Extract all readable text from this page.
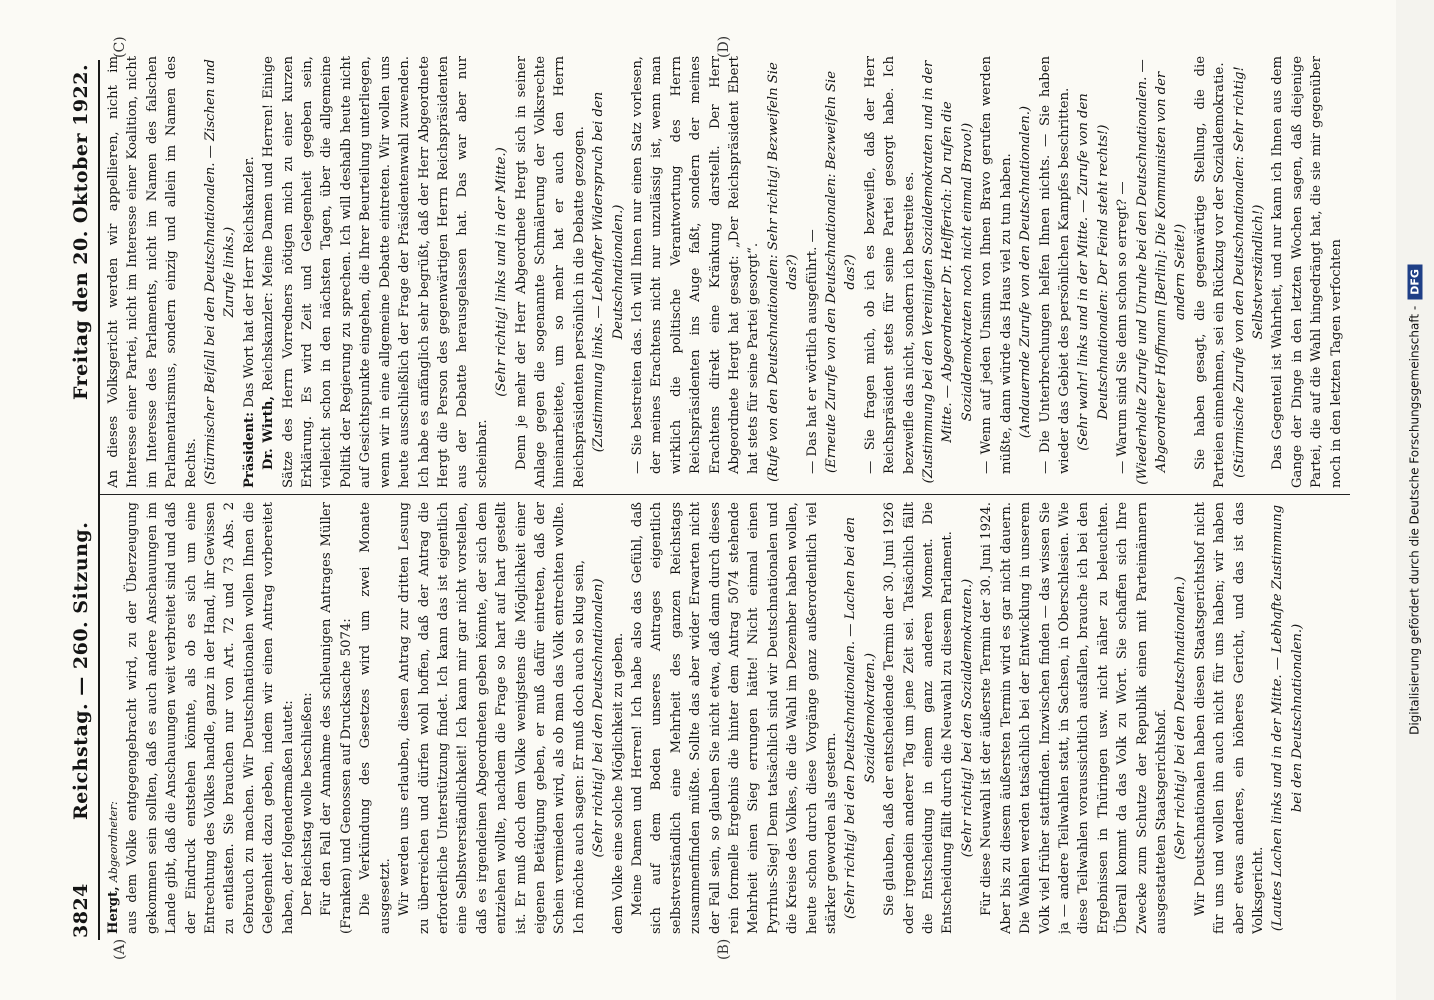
3824
Reichstag. — 260. Sitzung.
Freitag den 20. Oktober 1922.
(A)	(B)
(C)	(D)

Hergt, Abgeordneter: aus dem Volke entgegengebracht wird, zu der Überzeugung gekommen sein sollten, daß es auch andere Anschauungen im Lande gibt, daß die Anschauungen weit verbreitet sind und daß der Eindruck entstehen könnte, als ob es sich um eine Entrechtung des Volkes handle, ganz in der Hand, ihr Gewissen zu entlasten. Sie brauchen nur von Art. 72 und 73 Abs. 2 Gebrauch zu machen. Wir Deutschnationalen wollen Ihnen die Gelegenheit dazu geben, indem wir einen Antrag vorbereitet haben, der folgendermaßen lautet: Der Reichstag wolle beschließen: Für den Fall der Annahme des schleunigen Antrages Müller (Franken) und Genossen auf Drucksache 5074: Die Verkündung des Gesetzes wird um zwei Monate ausgesetzt. Wir werden uns erlauben, diesen Antrag zur dritten Lesung zu überreichen und dürfen wohl hoffen, daß der Antrag die erforderliche Unterstützung findet. Ich kann das ist eigentlich eine Selbstverständlichkeit! Ich kann mir gar nicht vorstellen, daß es irgendeinen Abgeordneten geben könnte, der sich dem entziehen wollte, nachdem die Frage so hart auf hart gestellt ist. Er muß doch dem Volke wenigstens die Möglichkeit einer eigenen Betätigung geben, er muß dafür eintreten, daß der Schein vermieden wird, als ob man das Volk entrechten wollte. Ich möchte auch sagen: Er muß doch auch so klug sein, (Sehr richtig! bei den Deutschnationalen) dem Volke eine solche Möglichkeit zu geben. Meine Damen und Herren! Ich habe also das Gefühl, daß sich auf dem Boden unseres Antrages eigentlich selbstverständlich eine Mehrheit des ganzen Reichstags zusammenfinden müßte. Sollte das aber wider Erwarten nicht der Fall sein, so glauben Sie nicht etwa, daß dann durch dieses rein formelle Ergebnis die hinter dem Antrag 5074 stehende Mehrheit einen Sieg errungen hätte! Nicht einmal einen Pyrrhus-Sieg! Denn tatsächlich sind wir Deutschnationalen und die Kreise des Volkes, die die Wahl im Dezember haben wollen, heute schon durch diese Vorgänge ganz außerordentlich viel stärker geworden als gestern. (Sehr richtig! bei den Deutschnationalen. — Lachen bei den Sozialdemokraten.) Sie glauben, daß der entscheidende Termin der 30. Juni 1926 oder irgendein anderer Tag um jene Zeit sei. Tatsächlich fällt die Entscheidung in einem ganz anderen Moment. Die Entscheidung fällt durch die Neuwahl zu diesem Parlament. (Sehr richtig! bei den Sozialdemokraten.) Für diese Neuwahl ist der äußerste Termin der 30. Juni 1924. Aber bis zu diesem äußersten Termin wird es gar nicht dauern. Die Wahlen werden tatsächlich bei der Entwicklung in unserem Volk viel früher stattfinden. Inzwischen finden — das wissen Sie ja — andere Teilwahlen statt, in Sachsen, in Oberschlesien. Wie diese Teilwahlen voraussichtlich ausfallen, brauche ich bei den Ergebnissen in Thüringen usw. nicht näher zu beleuchten. Überall kommt da das Volk zu Wort. Sie schaffen sich Ihre Zwecke zum Schutze der Republik einen mit Parteimännern ausgestatteten Staatsgerichtshof. (Sehr richtig! bei den Deutschnationalen.) Wir Deutschnationalen haben diesen Staatsgerichtshof nicht für uns und wollen ihn auch nicht für uns haben; wir haben aber etwas anderes, ein höheres Gericht, und das ist das Volksgericht. (Lautes Lachen links und in der Mitte. — Lebhafte Zustimmung bei den Deutschnationalen.)

An dieses Volksgericht werden wir appellieren, nicht im Interesse einer Partei, nicht im Interesse einer Koalition, nicht im Interesse des Parlaments, nicht im Namen des falschen Parlamentarismus, sondern einzig und allein im Namen des Rechts. (Stürmischer Beifall bei den Deutschnationalen. — Zischen und Zurufe links.)

Präsident: Das Wort hat der Herr Reichskanzler.

Dr. Wirth, Reichskanzler: Meine Damen und Herren! Einige Sätze des Herrn Vorredners nötigen mich zu einer kurzen Erklärung. Es wird Zeit und Gelegenheit gegeben sein, vielleicht schon in den nächsten Tagen, über die allgemeine Politik der Regierung zu sprechen. Ich will deshalb heute nicht auf Gesichtspunkte eingehen, die Ihrer Beurteilung unterliegen, wenn wir in eine allgemeine Debatte eintreten. Wir wollen uns heute ausschließlich der Frage der Präsidentenwahl zuwenden. Ich habe es anfänglich sehr begrüßt, daß der Herr Abgeordnete Hergt die Person des gegenwärtigen Herrn Reichspräsidenten aus der Debatte herausgelassen hat. Das war aber nur scheinbar.

(Sehr richtig! links und in der Mitte.) Denn je mehr der Herr Abgeordnete Hergt sich in seiner Anlage gegen die sogenannte Schmälerung der Volksrechte hineinarbeitete, um so mehr hat er auch den Herrn Reichspräsidenten persönlich in die Debatte gezogen. (Zustimmung links. — Lebhafter Widerspruch bei den Deutschnationalen.) — Sie bestreiten das. Ich will Ihnen nur einen Satz vorlesen, der meines Erachtens nicht nur unzulässig ist, wenn man wirklich die politische Verantwortung des Herrn Reichspräsidenten ins Auge faßt, sondern der meines Erachtens direkt eine Kränkung darstellt. Der Herr Abgeordnete Hergt hat gesagt: „Der Reichspräsident Ebert hat stets für seine Partei gesorgt“. (Rufe von den Deutschnationalen: Sehr richtig! Bezweifeln Sie das?) — Das hat er wörtlich ausgeführt. — (Erneute Zurufe von den Deutschnationalen: Bezweifeln Sie das?) — Sie fragen mich, ob ich es bezweifle, daß der Herr Reichspräsident stets für seine Partei gesorgt habe. Ich bezweifle das nicht, sondern ich bestreite es. (Zustimmung bei den Vereinigten Sozialdemokraten und in der Mitte. — Abgeordneter Dr. Helfferich: Da rufen die Sozialdemokraten noch nicht einmal Bravo!) — Wenn auf jeden Unsinn von Ihnen Bravo gerufen werden müßte, dann würde das Haus viel zu tun haben. (Andauernde Zurufe von den Deutschnationalen.) — Die Unterbrechungen helfen Ihnen nichts. — Sie haben wieder das Gebiet des persönlichen Kampfes beschritten. (Sehr wahr! links und in der Mitte. — Zurufe von den Deutschnationalen: Der Feind steht rechts!) — Warum sind Sie denn schon so erregt? — (Wiederholte Zurufe und Unruhe bei den Deutschnationalen. — Abgeordneter Hoffmann [Berlin]: Die Kommunisten von der andern Seite!) Sie haben gesagt, die gegenwärtige Stellung, die die Parteien einnehmen, sei ein Rückzug vor der Sozialdemokratie. (Stürmische Zurufe von den Deutschnationalen: Sehr richtig! Selbstverständlich!) Das Gegenteil ist Wahrheit, und nur kann ich Ihnen aus dem Gange der Dinge in den letzten Wochen sagen, daß diejenige Partei, die auf die Wahl hingedrängt hat, die sie mir gegenüber noch in den letzten Tagen verfochten	Digitalisierung gefördert durch die Deutsche Forschungsgemeinschaft -DFG
